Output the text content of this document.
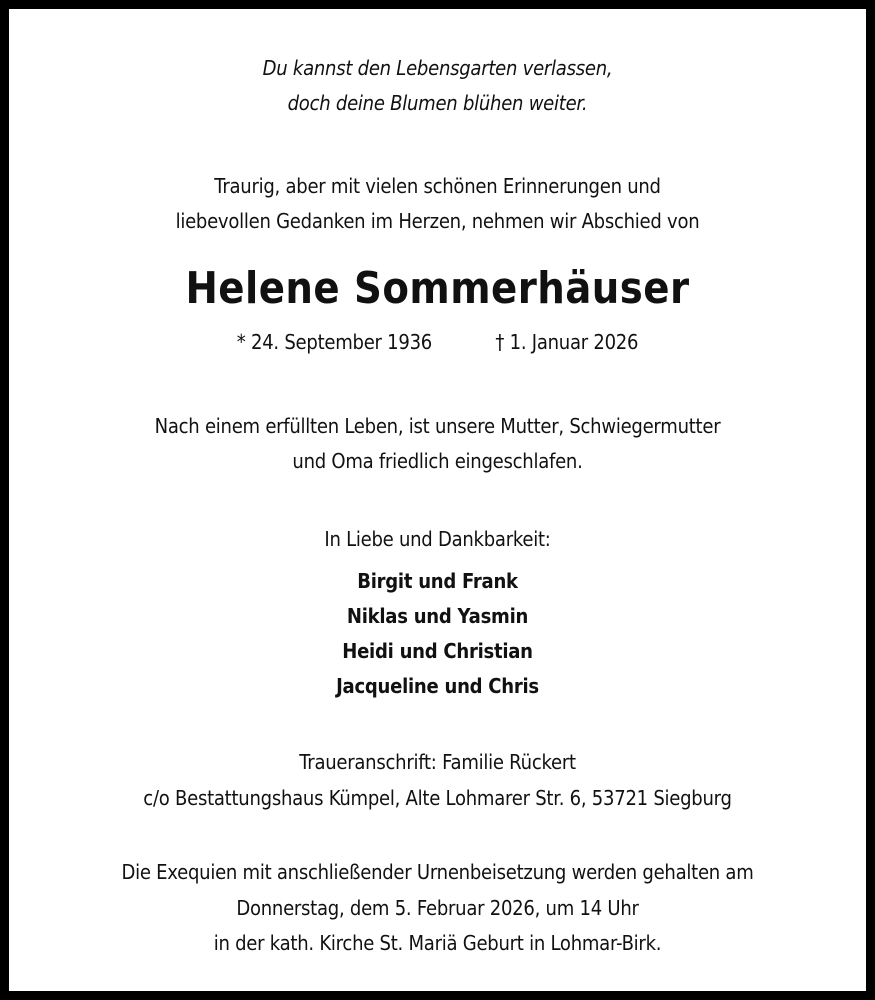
Du kannst den Lebensgarten verlassen,
doch deine Blumen blühen weiter.
Traurig, aber mit vielen schönen Erinnerungen und
liebevollen Gedanken im Herzen, nehmen wir Abschied von
Helene Sommerhäuser
* 24. September 1936	† 1. Januar 2026
Nach einem erfüllten Leben, ist unsere Mutter, Schwiegermutter
und Oma friedlich eingeschlafen.
In Liebe und Dankbarkeit:
Birgit und Frank
Niklas und Yasmin
Heidi und Christian
Jacqueline und Chris
Traueranschrift: Familie Rückert
c/o Bestattungshaus Kümpel, Alte Lohmarer Str. 6, 53721 Siegburg
Die Exequien mit anschließender Urnenbeisetzung werden gehalten am
Donnerstag, dem 5. Februar 2026, um 14 Uhr
in der kath. Kirche St. Mariä Geburt in Lohmar-Birk.
